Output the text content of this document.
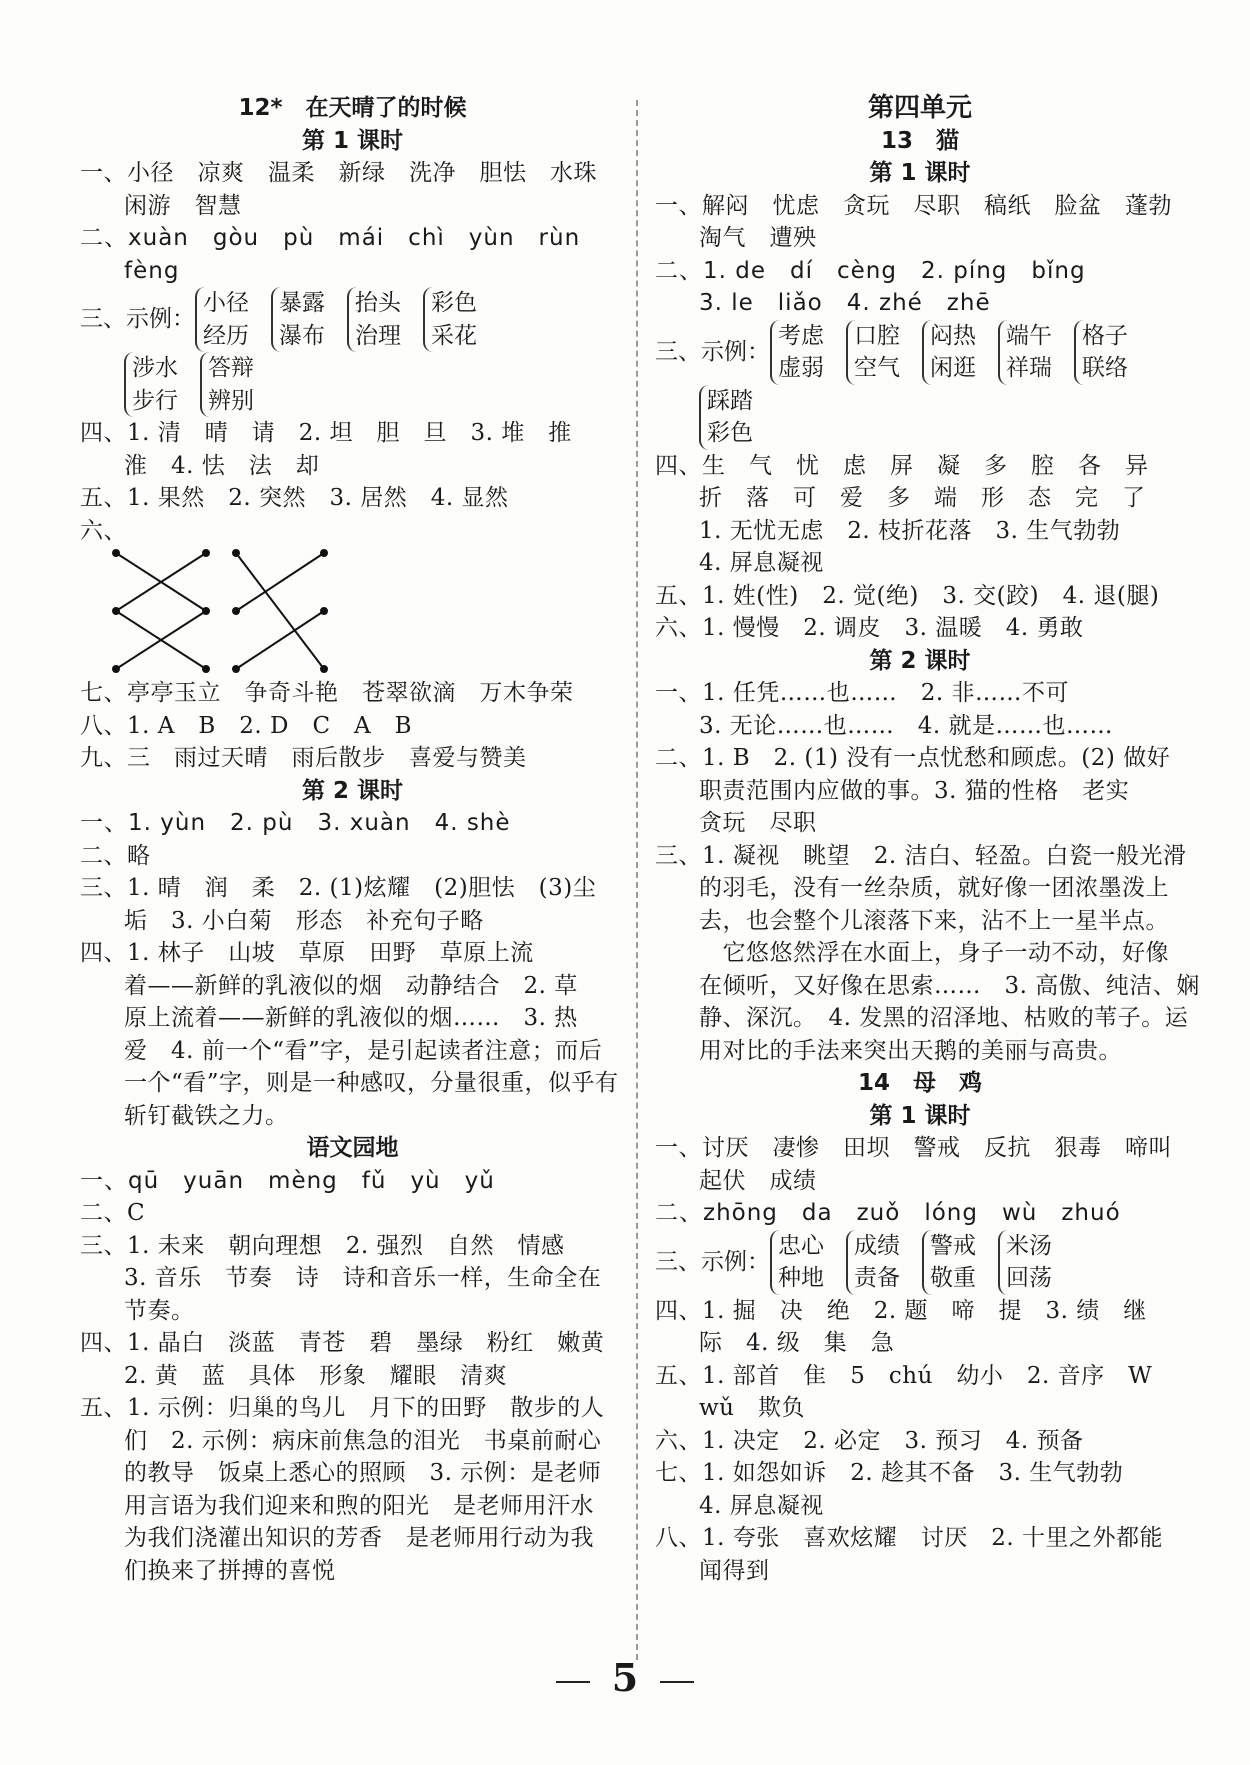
12*　在天晴了的时候
第 1 课时
一、小径　凉爽　温柔　新绿　洗净　胆怯　水珠
闲游　智慧
二、xuàn　gòu　pù　mái　chì　yùn　rùn
fèng
三、示例：
小径
经历
暴露
瀑布
抬头
治理
彩色
采花
涉水
步行
答辩
辨别
四、1. 清　晴　请　2. 坦　胆　旦　3. 堆　推
淮　4. 怯　法　却
五、1. 果然　2. 突然　3. 居然　4. 显然
六、
七、亭亭玉立　争奇斗艳　苍翠欲滴　万木争荣
八、1. A　B　2. D　C　A　B
九、三　雨过天晴　雨后散步　喜爱与赞美
第 2 课时
一、1. yùn　2. pù　3. xuàn　4. shè
二、略
三、1. 晴　润　柔　2. (1)炫耀　(2)胆怯　(3)尘
垢　3. 小白菊　形态　补充句子略
四、1. 林子　山坡　草原　田野　草原上流
着——新鲜的乳液似的烟　动静结合　2. 草
原上流着——新鲜的乳液似的烟……　3. 热
爱　4. 前一个“看”字，是引起读者注意；而后
一个“看”字，则是一种感叹，分量很重，似乎有
斩钉截铁之力。
语文园地
一、qū　yuān　mèng　fǔ　yù　yǔ
二、C
三、1. 未来　朝向理想　2. 强烈　自然　情感
3. 音乐　节奏　诗　诗和音乐一样，生命全在
节奏。
四、1. 晶白　淡蓝　青苍　碧　墨绿　粉红　嫩黄
2. 黄　蓝　具体　形象　耀眼　清爽
五、1. 示例：归巢的鸟儿　月下的田野　散步的人
们　2. 示例：病床前焦急的泪光　书桌前耐心
的教导　饭桌上悉心的照顾　3. 示例：是老师
用言语为我们迎来和煦的阳光　是老师用汗水
为我们浇灌出知识的芳香　是老师用行动为我
们换来了拼搏的喜悦
第四单元
13　猫
第 1 课时
一、解闷　忧虑　贪玩　尽职　稿纸　脸盆　蓬勃
淘气　遭殃
二、1. de　dí　cèng　2. píng　bǐng
3. le　liǎo　4. zhé　zhē
三、示例：
考虑
虚弱
口腔
空气
闷热
闲逛
端午
祥瑞
格子
联络
踩踏
彩色
四、生　气　忧　虑　屏　凝　多　腔　各　异
折　落　可　爱　多　端　形　态　完　了
1. 无忧无虑　2. 枝折花落　3. 生气勃勃
4. 屏息凝视
五、1. 姓(性)　2. 觉(绝)　3. 交(跤)　4. 退(腿)
六、1. 慢慢　2. 调皮　3. 温暖　4. 勇敢
第 2 课时
一、1. 任凭……也……　2. 非……不可
3. 无论……也……　4. 就是……也……
二、1. B　2. (1) 没有一点忧愁和顾虑。(2) 做好
职责范围内应做的事。3. 猫的性格　老实
贪玩　尽职
三、1. 凝视　眺望　2. 洁白、轻盈。白瓷一般光滑
的羽毛，没有一丝杂质，就好像一团浓墨泼上
去，也会整个儿滚落下来，沾不上一星半点。
　它悠悠然浮在水面上，身子一动不动，好像
在倾听，又好像在思索……　3. 高傲、纯洁、娴
静、深沉。　4. 发黑的沼泽地、枯败的苇子。运
用对比的手法来突出天鹅的美丽与高贵。
14　母　鸡
第 1 课时
一、讨厌　凄惨　田坝　警戒　反抗　狠毒　啼叫
起伏　成绩
二、zhōng　da　zuǒ　lóng　wù　zhuó
三、示例：
忠心
种地
成绩
责备
警戒
敬重
米汤
回荡
四、1. 掘　决　绝　2. 题　啼　提　3. 绩　继
际　4. 级　集　急
五、1. 部首　隹　5　chú　幼小　2. 音序　W
wǔ　欺负
六、1. 决定　2. 必定　3. 预习　4. 预备
七、1. 如怨如诉　2. 趁其不备　3. 生气勃勃
4. 屏息凝视
八、1. 夸张　喜欢炫耀　讨厌　2. 十里之外都能
闻得到
5
